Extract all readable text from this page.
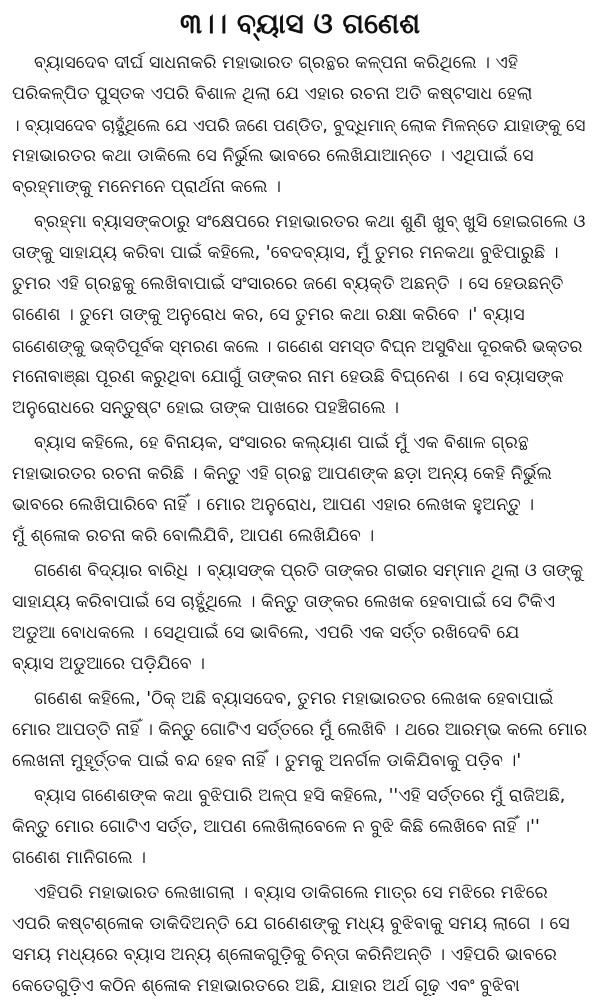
୩।। ବ୍ୟାସ ଓ ଗଣେଶ
ବ୍ୟାସଦେବ ଦୀର୍ଘ ସାଧନାକରି ମହାଭାରତ ଗ୍ରନ୍ଥର କଳ୍ପନା କରିଥିଲେ । ଏହି
ପରିକଳ୍ପିତ ପୁସ୍ତକ ଏପରି ବିଶାଳ ଥିଲା ଯେ ଏହାର ରଚନା ଅତି କଷ୍ଟସାଧ ହେଲା
। ବ୍ୟାସଦେବ ଚାହୁଁଥିଲେ ଯେ ଏପରି ଜଣେ ପଣ୍ଡିତ, ବୁଦ୍ଧିମାନ୍ ଲୋକ ମିଳନ୍ତେ ଯାହାଙ୍କୁ ସେ
ମହାଭାରତର କଥା ଡାକିଲେ ସେ ନିର୍ଭୁଲ ଭାବରେ ଲେଖିଯାଆନ୍ତେ । ଏଥିପାଇଁ ସେ
ବ୍ରହ୍ମାଙ୍କୁ ମନେମନେ ପ୍ରାର୍ଥନା କଲେ ।
ବ୍ରହ୍ମା ବ୍ୟାସଙ୍କଠାରୁ ସଂକ୍ଷେପରେ ମହାଭାରତର କଥା ଶୁଣି ଖୁବ୍ ଖୁସି ହୋଇଗଲେ ଓ
ତାଙ୍କୁ ସାହାଯ୍ୟ କରିବା ପାଇଁ କହିଲେ, 'ବେଦବ୍ୟାସ, ମୁଁ ତୁମର ମନକଥା ବୁଝିପାରୁଛି ।
ତୁମର ଏହି ଗ୍ରନ୍ଥକୁ ଲେଖିବାପାଇଁ ସଂସାରରେ ଜଣେ ବ୍ୟକ୍ତି ଅଛନ୍ତି । ସେ ହେଉଛନ୍ତି
ଗଣେଶ । ତୁମେ ତାଙ୍କୁ ଅନୁରୋଧ କର, ସେ ତୁମର କଥା ରକ୍ଷା କରିବେ ।' ବ୍ୟାସ
ଗଣେଶଙ୍କୁ ଭକ୍ତିପୂର୍ବକ ସ୍ମରଣ କଲେ । ଗଣେଶ ସମସ୍ତ ବିଘ୍ନ ଅସୁବିଧା ଦୂରକରି ଭକ୍ତର
ମନୋବାଞ୍ଛା ପୂରଣ କରୁଥିବା ଯୋଗୁଁ ତାଙ୍କର ନାମ ହେଉଛି ବିଘ୍ନେଶ । ସେ ବ୍ୟାସଙ୍କ
ଅନୁରୋଧରେ ସନ୍ତୁଷ୍ଟ ହୋଇ ତାଙ୍କ ପାଖରେ ପହଞ୍ଚିଗଲେ ।
ବ୍ୟାସ କହିଲେ, ହେ ବିନାୟକ, ସଂସାରର କଲ୍ୟାଣ ପାଇଁ ମୁଁ ଏକ ବିଶାଳ ଗ୍ରନ୍ଥ
ମହାଭାରତର ରଚନା କରିଛି । କିନ୍ତୁ ଏହି ଗ୍ରନ୍ଥ ଆପଣଙ୍କ ଛଡ଼ା ଅନ୍ୟ କେହି ନିର୍ଭୁଲ
ଭାବରେ ଲେଖିପାରିବେ ନାହିଁ । ମୋର ଅନୁରୋଧ, ଆପଣ ଏହାର ଲେଖକ ହୁଅନ୍ତୁ ।
ମୁଁ ଶ୍ଳୋକ ରଚନା କରି ବୋଲିଯିବି, ଆପଣ ଲେଖିଯିବେ ।
ଗଣେଶ ବିଦ୍ୟାର ବାରିଧି । ବ୍ୟାସଙ୍କ ପ୍ରତି ତାଙ୍କର ଗଭୀର ସମ୍ମାନ ଥିଲା ଓ ତାଙ୍କୁ
ସାହାଯ୍ୟ କରିବାପାଇଁ ସେ ଚାହୁଁଥିଲେ । କିନ୍ତୁ ତାଙ୍କର ଲେଖକ ହେବାପାଇଁ ସେ ଟିକିଏ
ଅଡୁଆ ବୋଧକଲେ । ସେଥିପାଇଁ ସେ ଭାବିଲେ, ଏପରି ଏକ ସର୍ତ୍ତ ରଖିଦେବି ଯେ
ବ୍ୟାସ ଅଡୁଆରେ ପଡ଼ିଯିବେ ।
ଗଣେଶ କହିଲେ, 'ଠିକ୍ ଅଛି ବ୍ୟାସଦେବ, ତୁମର ମହାଭାରତର ଲେଖକ ହେବାପାଇଁ
ମୋର ଆପତ୍ତି ନାହିଁ । କିନ୍ତୁ ଗୋଟିଏ ସର୍ତ୍ତରେ ମୁଁ ଲେଖିବି । ଥରେ ଆରମ୍ଭ କଲେ ମୋର
ଲେଖନୀ ମୁହୂର୍ତ୍ତକ ପାଇଁ ବନ୍ଦ ହେବ ନାହିଁ । ତୁମକୁ ଅନର୍ଗଳ ଡାକିଯିବାକୁ ପଡ଼ିବ ।'
ବ୍ୟାସ ଗଣେଶଙ୍କ କଥା ବୁଝିପାରି ଅଳ୍ପ ହସି କହିଲେ, ''ଏହି ସର୍ତ୍ତରେ ମୁଁ ରାଜିଅଛି,
କିନ୍ତୁ ମୋର ଗୋଟିଏ ସର୍ତ୍ତ, ଆପଣ ଲେଖିଲାବେଳେ ନ ବୁଝି କିଛି ଲେଖିବେ ନାହିଁ ।''
ଗଣେଶ ମାନିଗଲେ ।
ଏହିପରି ମହାଭାରତ ଲେଖାଗଲା । ବ୍ୟାସ ଡାକିଗଲେ ମାତ୍ର ସେ ମଝିରେ ମଝିରେ
ଏପରି କଷ୍ଟଶ୍ଳୋକ ଡାକିଦିଅନ୍ତି ଯେ ଗଣେଶଙ୍କୁ ମଧ୍ୟ ବୁଝିବାକୁ ସମୟ ଲାଗେ । ସେ
ସମୟ ମଧ୍ୟରେ ବ୍ୟାସ ଅନ୍ୟ ଶ୍ଳୋକଗୁଡ଼ିକୁ ଚିନ୍ତା କରିନିଅନ୍ତି । ଏହିପରି ଭାବରେ
କେତେଗୁଡ଼ିଏ କଠିନ ଶ୍ଳୋକ ମହାଭାରତରେ ଅଛି, ଯାହାର ଅର୍ଥ ଗୂଢ଼ ଏବଂ ବୁଝିବା
